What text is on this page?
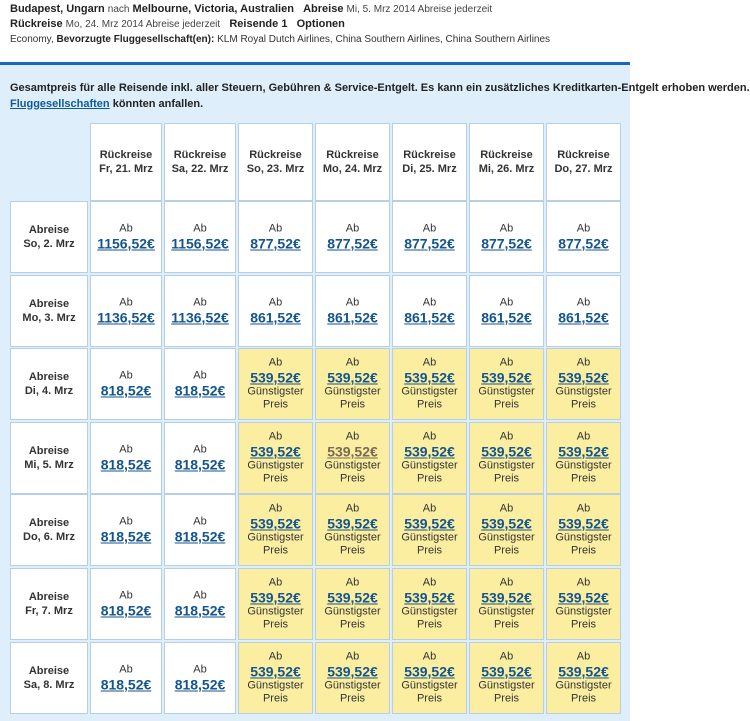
Budapest, Ungarn nach Melbourne, Victoria, Australien Abreise Mi, 5. Mrz 2014 Abreise jederzeit
Rückreise Mo, 24. Mrz 2014 Abreise jederzeit Reisende 1 Optionen
Economy, Bevorzugte Fluggesellschaft(en): KLM Royal Dutch Airlines, China Southern Airlines, China Southern Airlines
Gesamtpreis für alle Reisende inkl. aller Steuern, Gebühren & Service-Entgelt. Es kann ein zusätzliches Kreditkarten-Entgelt erhoben werden.
Fluggesellschaften könnten anfallen.
Rückreise
Fr, 21. Mrz
Rückreise
Sa, 22. Mrz
Rückreise
So, 23. Mrz
Rückreise
Mo, 24. Mrz
Rückreise
Di, 25. Mrz
Rückreise
Mi, 26. Mrz
Rückreise
Do, 27. Mrz
Abreise
So, 2. Mrz
Ab
1156,52€
Ab
1156,52€
Ab
877,52€
Ab
877,52€
Ab
877,52€
Ab
877,52€
Ab
877,52€
Abreise
Mo, 3. Mrz
Ab
1136,52€
Ab
1136,52€
Ab
861,52€
Ab
861,52€
Ab
861,52€
Ab
861,52€
Ab
861,52€
Abreise
Di, 4. Mrz
Ab
818,52€
Ab
818,52€
Ab
539,52€
Günstigster
Preis
Ab
539,52€
Günstigster
Preis
Ab
539,52€
Günstigster
Preis
Ab
539,52€
Günstigster
Preis
Ab
539,52€
Günstigster
Preis
Abreise
Mi, 5. Mrz
Ab
818,52€
Ab
818,52€
Ab
539,52€
Günstigster
Preis
Ab
539,52€
Günstigster
Preis
Ab
539,52€
Günstigster
Preis
Ab
539,52€
Günstigster
Preis
Ab
539,52€
Günstigster
Preis
Abreise
Do, 6. Mrz
Ab
818,52€
Ab
818,52€
Ab
539,52€
Günstigster
Preis
Ab
539,52€
Günstigster
Preis
Ab
539,52€
Günstigster
Preis
Ab
539,52€
Günstigster
Preis
Ab
539,52€
Günstigster
Preis
Abreise
Fr, 7. Mrz
Ab
818,52€
Ab
818,52€
Ab
539,52€
Günstigster
Preis
Ab
539,52€
Günstigster
Preis
Ab
539,52€
Günstigster
Preis
Ab
539,52€
Günstigster
Preis
Ab
539,52€
Günstigster
Preis
Abreise
Sa, 8. Mrz
Ab
818,52€
Ab
818,52€
Ab
539,52€
Günstigster
Preis
Ab
539,52€
Günstigster
Preis
Ab
539,52€
Günstigster
Preis
Ab
539,52€
Günstigster
Preis
Ab
539,52€
Günstigster
Preis
